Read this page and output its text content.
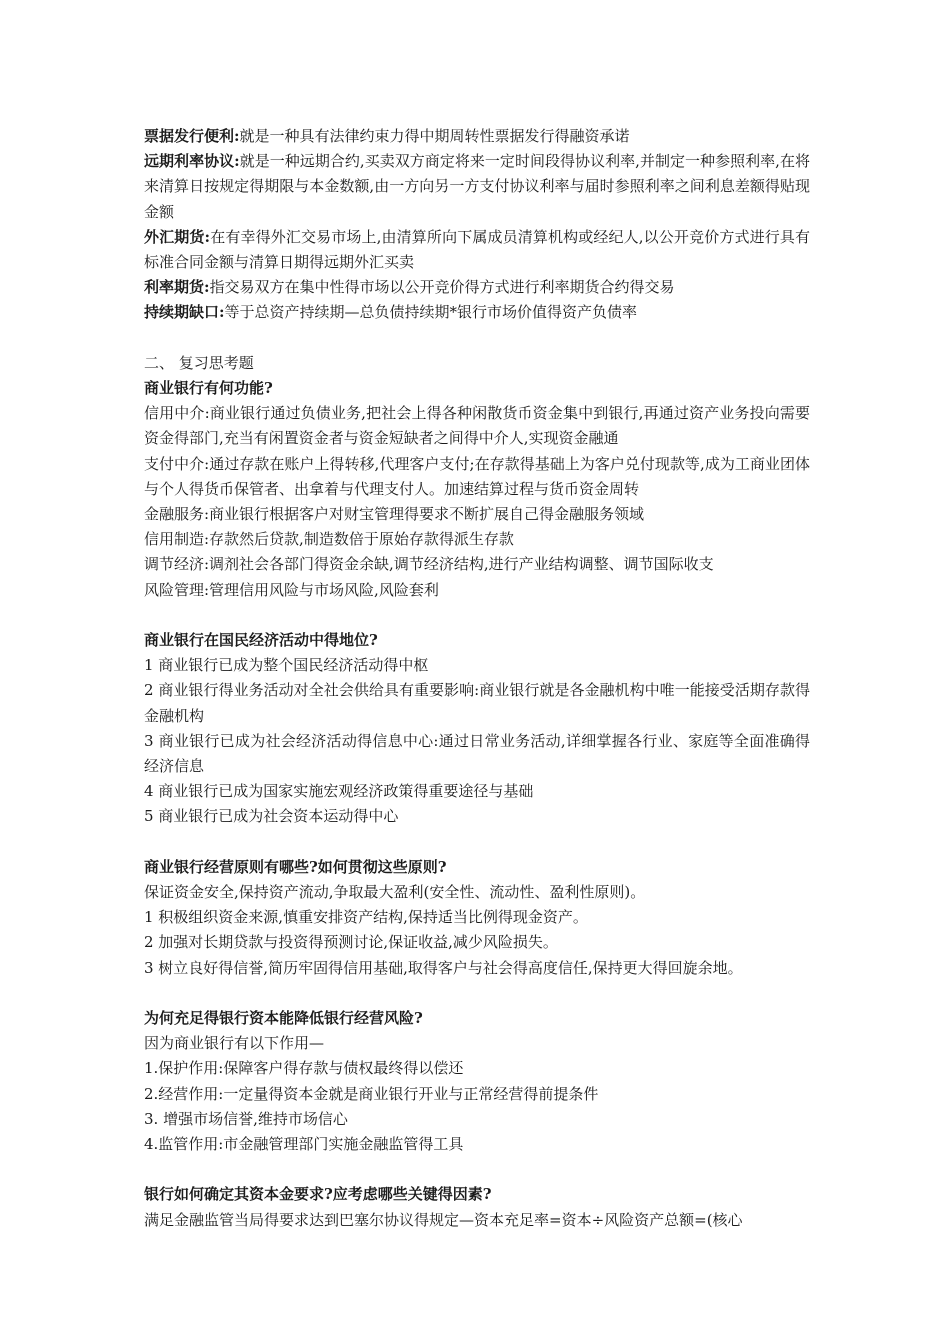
票据发行便利:就是一种具有法律约束力得中期周转性票据发行得融资承诺

远期利率协议:就是一种远期合约,买卖双方商定将来一定时间段得协议利率,并制定一种参照利率,在将来清算日按规定得期限与本金数额,由一方向另一方支付协议利率与届时参照利率之间利息差额得贴现金额

外汇期货:在有幸得外汇交易市场上,由清算所向下属成员清算机构或经纪人,以公开竞价方式进行具有标准合同金额与清算日期得远期外汇买卖

利率期货:指交易双方在集中性得市场以公开竞价得方式进行利率期货合约得交易

持续期缺口:等于总资产持续期—总负债持续期*银行市场价值得资产负债率

二、 复习思考题

商业银行有何功能?

信用中介:商业银行通过负债业务,把社会上得各种闲散货币资金集中到银行,再通过资产业务投向需要资金得部门,充当有闲置资金者与资金短缺者之间得中介人,实现资金融通

支付中介:通过存款在账户上得转移,代理客户支付;在存款得基础上为客户兑付现款等,成为工商业团体与个人得货币保管者、出拿着与代理支付人。加速结算过程与货币资金周转

金融服务:商业银行根据客户对财宝管理得要求不断扩展自己得金融服务领域

信用制造:存款然后贷款,制造数倍于原始存款得派生存款

调节经济:调剂社会各部门得资金余缺,调节经济结构,进行产业结构调整、调节国际收支

风险管理:管理信用风险与市场风险,风险套利

商业银行在国民经济活动中得地位?

1 商业银行已成为整个国民经济活动得中枢

2 商业银行得业务活动对全社会供给具有重要影响:商业银行就是各金融机构中唯一能接受活期存款得金融机构

3 商业银行已成为社会经济活动得信息中心:通过日常业务活动,详细掌握各行业、家庭等全面准确得经济信息

4 商业银行已成为国家实施宏观经济政策得重要途径与基础

5 商业银行已成为社会资本运动得中心

商业银行经营原则有哪些?如何贯彻这些原则?

保证资金安全,保持资产流动,争取最大盈利(安全性、流动性、盈利性原则)。

1 积极组织资金来源,慎重安排资产结构,保持适当比例得现金资产。

2 加强对长期贷款与投资得预测讨论,保证收益,减少风险损失。

3 树立良好得信誉,简历牢固得信用基础,取得客户与社会得高度信任,保持更大得回旋余地。

为何充足得银行资本能降低银行经营风险?

因为商业银行有以下作用—

1.保护作用:保障客户得存款与债权最终得以偿还

2.经营作用:一定量得资本金就是商业银行开业与正常经营得前提条件

3. 增强市场信誉,维持市场信心

4.监管作用:市金融管理部门实施金融监管得工具

银行如何确定其资本金要求?应考虑哪些关键得因素?

满足金融监管当局得要求达到巴塞尔协议得规定—资本充足率=资本÷风险资产总额=(核心
